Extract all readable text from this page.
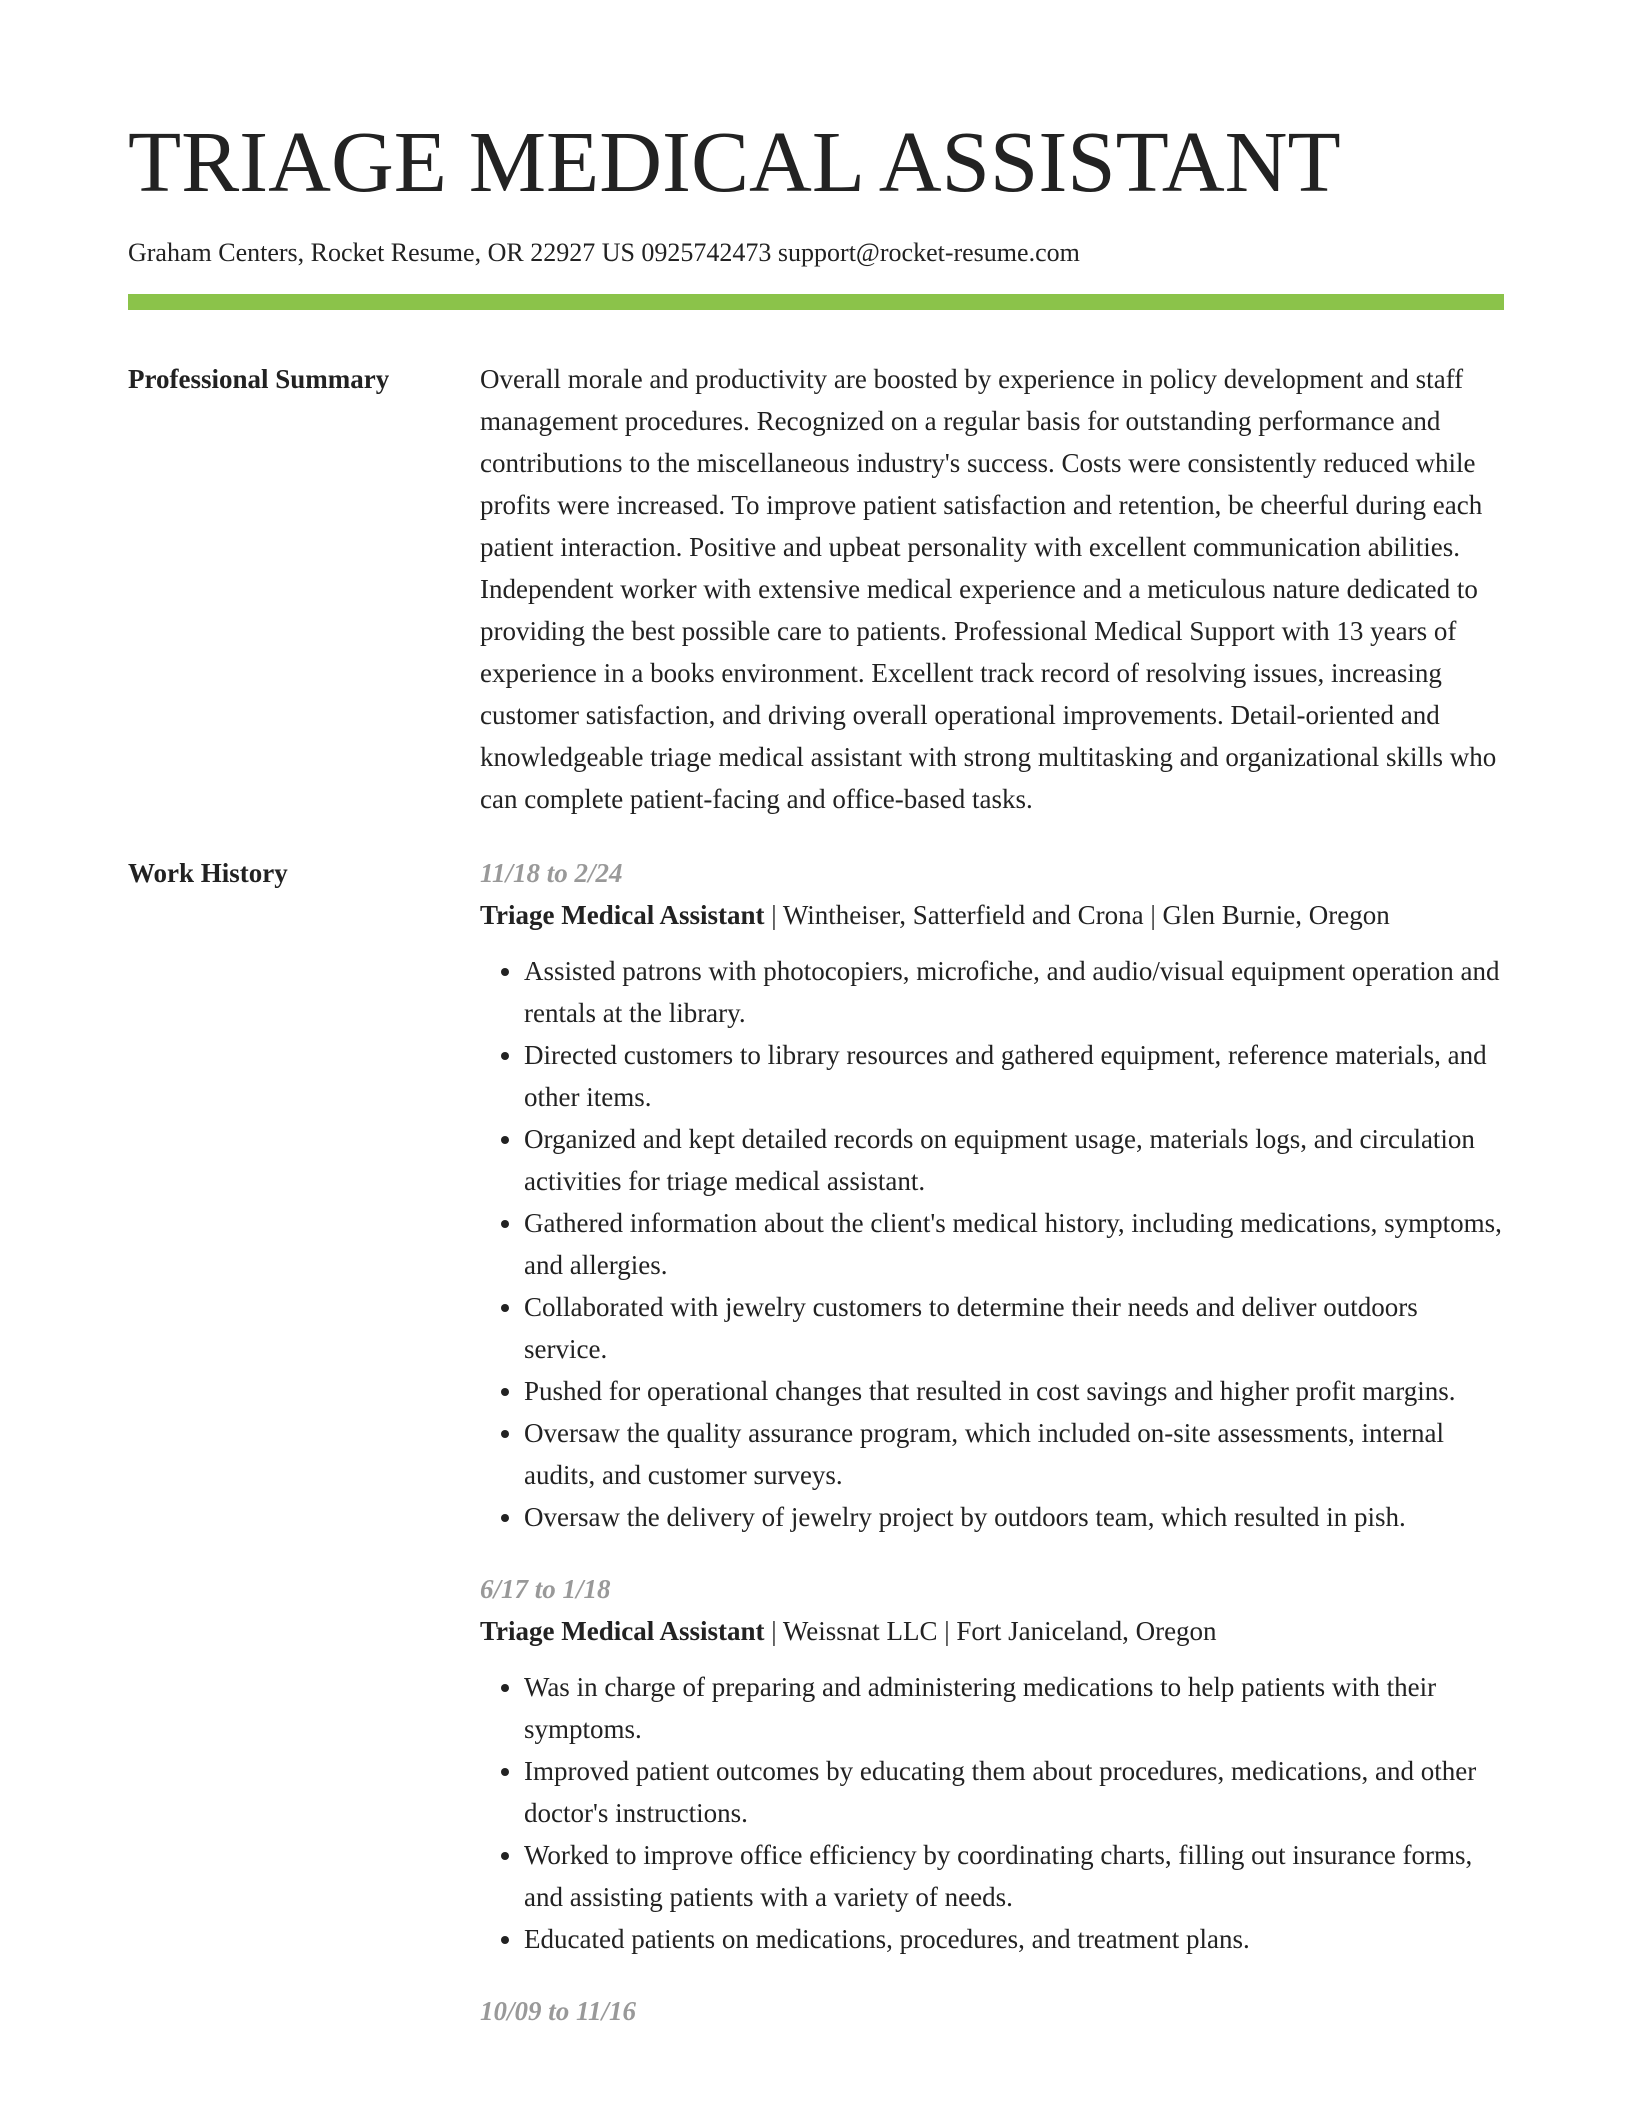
TRIAGE MEDICAL ASSISTANT
Graham Centers, Rocket Resume, OR 22927 US 0925742473 support@rocket-resume.com
Professional Summary	Overall morale and productivity are boosted by experience in policy development and staff management procedures. Recognized on a regular basis for outstanding performance and contributions to the miscellaneous industry's success. Costs were consistently reduced while profits were increased. To improve patient satisfaction and retention, be cheerful during each patient interaction. Positive and upbeat personality with excellent communication abilities. Independent worker with extensive medical experience and a meticulous nature dedicated to providing the best possible care to patients. Professional Medical Support with 13 years of experience in a books environment. Excellent track record of resolving issues, increasing customer satisfaction, and driving overall operational improvements. Detail-oriented and knowledgeable triage medical assistant with strong multitasking and organizational skills who can complete patient-facing and office-based tasks.

Work History	11/18 to 2/24
Triage Medical Assistant | Wintheiser, Satterfield and Crona | Glen Burnie, Oregon
• Assisted patrons with photocopiers, microfiche, and audio/visual equipment operation and rentals at the library.
• Directed customers to library resources and gathered equipment, reference materials, and other items.
• Organized and kept detailed records on equipment usage, materials logs, and circulation activities for triage medical assistant.
• Gathered information about the client's medical history, including medications, symptoms, and allergies.
• Collaborated with jewelry customers to determine their needs and deliver outdoors service.
• Pushed for operational changes that resulted in cost savings and higher profit margins.
• Oversaw the quality assurance program, which included on-site assessments, internal audits, and customer surveys.
• Oversaw the delivery of jewelry project by outdoors team, which resulted in pish.
6/17 to 1/18
Triage Medical Assistant | Weissnat LLC | Fort Janiceland, Oregon
• Was in charge of preparing and administering medications to help patients with their symptoms.
• Improved patient outcomes by educating them about procedures, medications, and other doctor's instructions.
• Worked to improve office efficiency by coordinating charts, filling out insurance forms, and assisting patients with a variety of needs.
• Educated patients on medications, procedures, and treatment plans.
10/09 to 11/16
